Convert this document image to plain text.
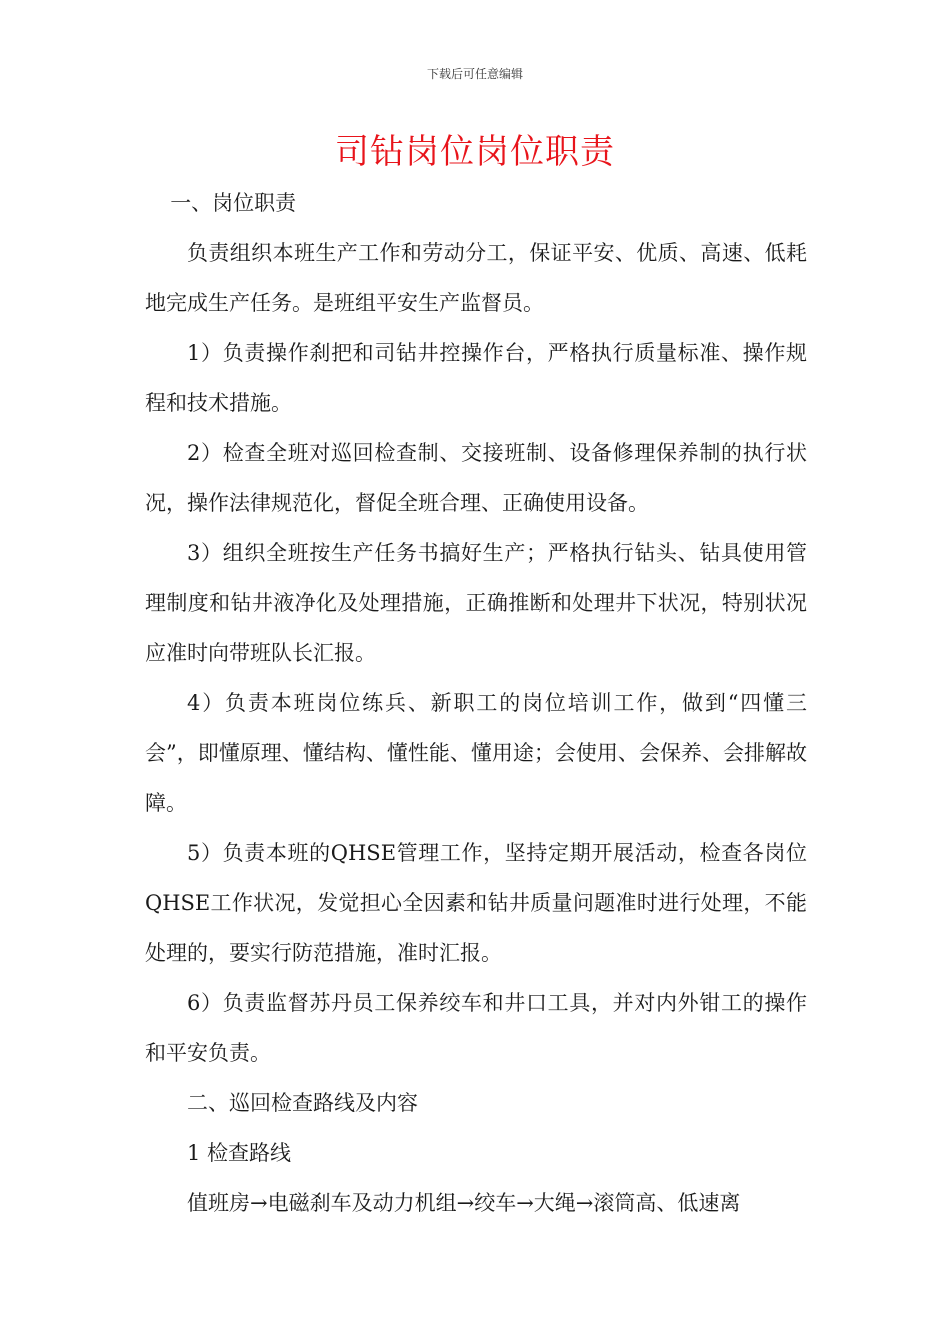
下载后可任意编辑
司钻岗位岗位职责

一、岗位职责

负责组织本班生产工作和劳动分工，保证平安、优质、高速、低耗地完成生产任务。是班组平安生产监督员。

1）负责操作刹把和司钻井控操作台，严格执行质量标准、操作规程和技术措施。

2）检查全班对巡回检查制、交接班制、设备修理保养制的执行状况，操作法律规范化，督促全班合理、正确使用设备。

3）组织全班按生产任务书搞好生产；严格执行钻头、钻具使用管理制度和钻井液净化及处理措施，正确推断和处理井下状况，特别状况应准时向带班队长汇报。

4）负责本班岗位练兵、新职工的岗位培训工作，做到“四懂三会”，即懂原理、懂结构、懂性能、懂用途；会使用、会保养、会排解故障。

5）负责本班的QHSE管理工作，坚持定期开展活动，检查各岗位QHSE工作状况，发觉担心全因素和钻井质量问题准时进行处理，不能处理的，要实行防范措施，准时汇报。

6）负责监督苏丹员工保养绞车和井口工具，并对内外钳工的操作和平安负责。

二、巡回检查路线及内容

1 检查路线

值班房→电磁刹车及动力机组→绞车→大绳→滚筒高、低速离
